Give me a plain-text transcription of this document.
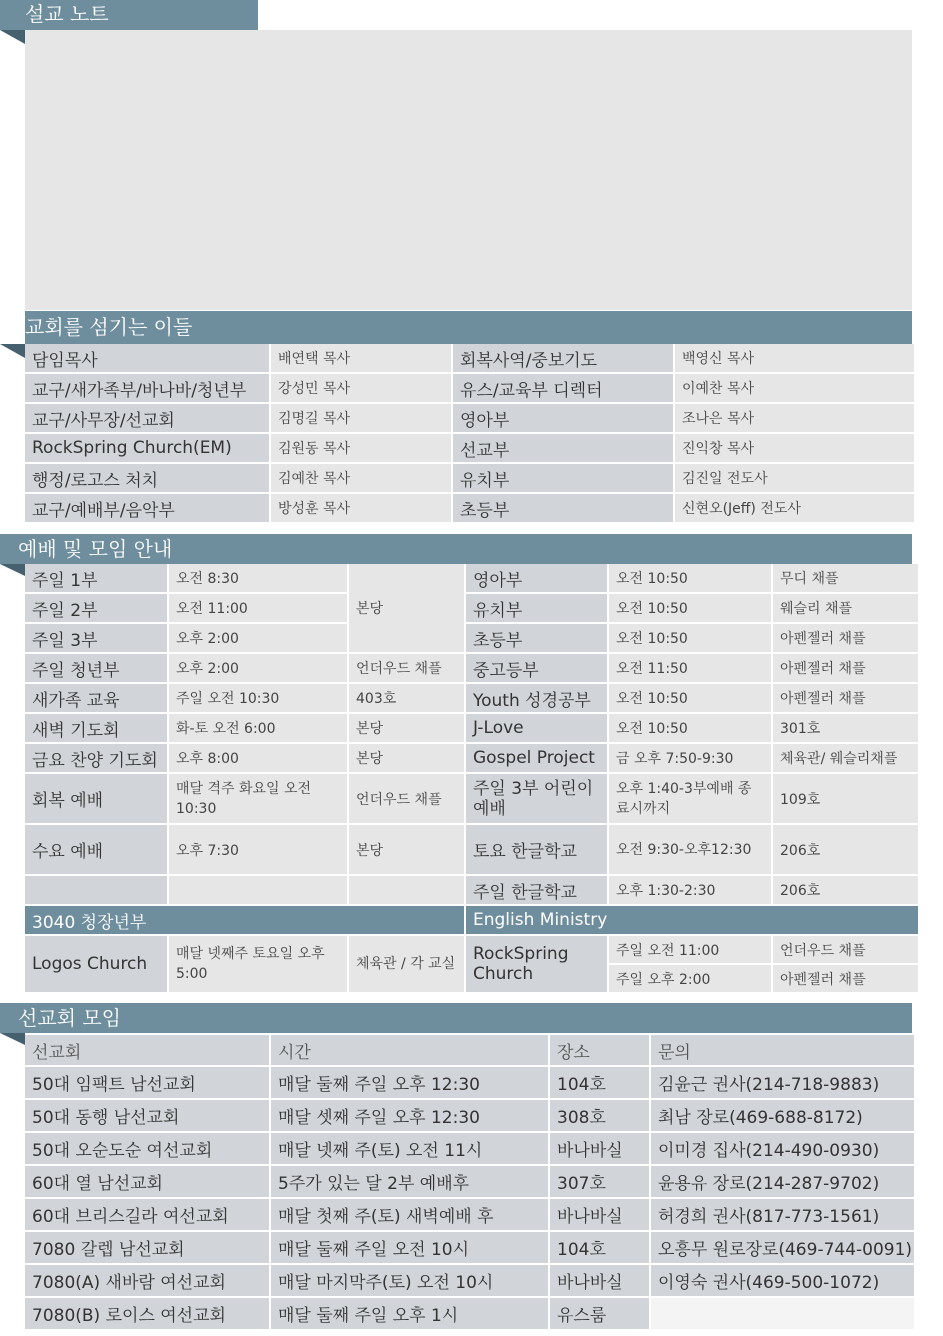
설교 노트
교회를 섬기는 이들
담임목사	배연택 목사	회복사역/중보기도	백영신 목사
교구/새가족부/바나바/청년부	강성민 목사	유스/교육부 디렉터	이예찬 목사
교구/사무장/선교회	김명길 목사	영아부	조나은 목사
RockSpring Church(EM)	김원동 목사	선교부	진익창 목사
행정/로고스 처치	김예찬 목사	유치부	김진일 전도사
교구/예배부/음악부	방성훈 목사	초등부	신현오(Jeff) 전도사
예배 및 모임 안내
주일 1부	오전 8:30	본당	영아부	오전 10:50	무디 채플
주일 2부	오전 11:00		유치부	오전 10:50	웨슬리 채플
주일 3부	오후 2:00		초등부	오전 10:50	아펜젤러 채플
주일 청년부	오후 2:00	언더우드 채플	중고등부	오전 11:50	아펜젤러 채플
새가족 교육	주일 오전 10:30	403호	Youth 성경공부	오전 10:50	아펜젤러 채플
새벽 기도회	화-토 오전 6:00	본당	J-Love	오전 10:50	301호
금요 찬양 기도회	오후 8:00	본당	Gospel Project	금 오후 7:50-9:30	체육관/ 웨슬리채플
회복 예배	매달 격주 화요일 오전 10:30	언더우드 채플	주일 3부 어린이 예배	오후 1:40-3부예배 종료시까지	109호
수요 예배	오후 7:30	본당	토요 한글학교	오전 9:30-오후12:30	206호
			주일 한글학교	오후 1:30-2:30	206호
3040 청장년부			English Ministry		
Logos Church	매달 넷째주 토요일 오후 5:00	체육관 / 각 교실	RockSpring Church	주일 오전 11:00	언더우드 채플
				주일 오후 2:00	아펜젤러 채플
선교회 모임
선교회	시간	장소	문의
50대 임팩트 남선교회	매달 둘째 주일 오후 12:30	104호	김윤근 권사(214-718-9883)
50대 동행 남선교회	매달 셋째 주일 오후 12:30	308호	최남 장로(469-688-8172)
50대 오순도순 여선교회	매달 넷째 주(토) 오전 11시	바나바실	이미경 집사(214-490-0930)
60대 열 남선교회	5주가 있는 달 2부 예배후	307호	윤용유 장로(214-287-9702)
60대 브리스길라 여선교회	매달 첫째 주(토) 새벽예배 후	바나바실	허경희 권사(817-773-1561)
7080 갈렙 남선교회	매달 둘째 주일 오전 10시	104호	오흥무 원로장로(469-744-0091)
7080(A) 새바람 여선교회	매달 마지막주(토) 오전 10시	바나바실	이영숙 권사(469-500-1072)
7080(B) 로이스 여선교회	매달 둘째 주일 오후 1시	유스룸	
